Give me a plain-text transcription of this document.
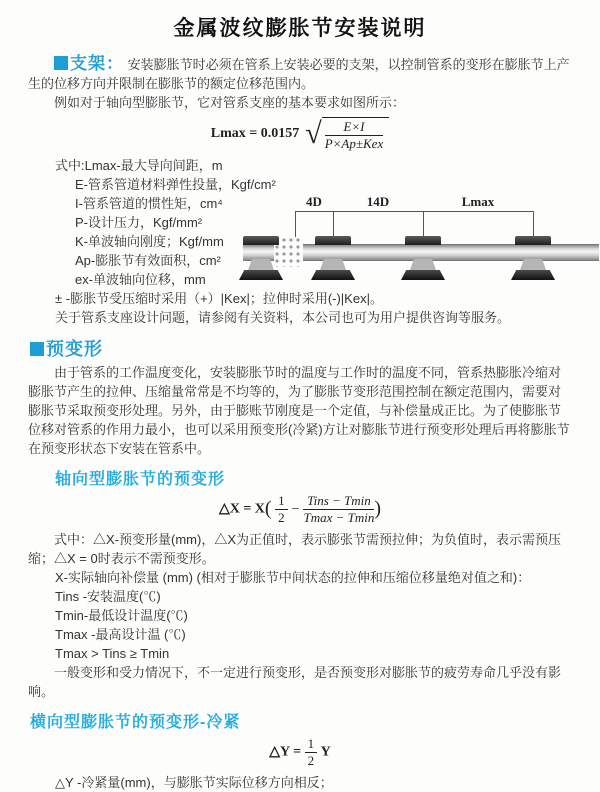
金属波纹膨胀节安装说明

支架： 安装膨胀节时必须在管系上安装必要的支架，以控制管系的变形在膨胀节上产生的位移方向并限制在膨胀节的额定位移范围内。

例如对于轴向型膨胀节，它对管系支座的基本要求如图所示：

Lmax = 0.0157 √ $\frac{E\times I}{\text{P×Ap±Kex}}$
式中:Lmax-最大导向间距，m
E-管系管道材料弹性投量，Kgf/cm²
I-管系管道的惯性矩，cm⁴
P-设计压力，Kgf/mm²
K-单波轴向刚度；Kgf/mm
Ap-膨胀节有效面积，cm²
ex-单波轴向位移，mm
± -膨胀节受压缩时采用（+）|Kex|；拉伸时采用(-)|Kex|。
关于管系支座设计问题，请参阅有关资料，本公司也可为用户提供咨询等服务。
4D	14D	Lmax
预变形

由于管系的工作温度变化，安装膨胀节时的温度与工作时的温度不同，管系热膨胀冷缩对膨胀节产生的拉伸、压缩量常常是不均等的，为了膨胀节变形范围控制在额定范围内，需要对膨胀节采取预变形处理。另外，由于膨账节刚度是一个定值，与补偿量成正比。为了使膨胀节位移对管系的作用力最小，也可以采用预变形(冷紧)方让对膨胀节进行预变形处理后再将膨胀节在预变形状态下安装在管系中。

轴向型膨胀节的预变形
△X = $X( \frac{1}{2} - \frac{\text{Tins − Tmin}}{Tmax - Tmin}$ )

式中：△X-预变形量(mm)，△X为正值时，表示膨张节需预拉伸；为负值时，表示需预压缩；△X = 0时表示不需预变形。

X-实际轴向补偿量 (mm) (相对于膨胀节中间状态的拉伸和压缩位移量绝对值之和)：
Tins -安装温度(℃)
Tmin-最低设计温度(℃)
Tmax -最高设计温 (℃)
Tmax > Tins ≥ Tmin

一般变形和受力情况下，不一定进行预变形，是否预变形对膨胀节的疲劳寿命几乎没有影响。

横向型膨胀节的预变形-冷紧
△Y = $\frac{1}{2}$ Y
△Y -冷紧量(mm)，与膨胀节实际位移方向相反；
